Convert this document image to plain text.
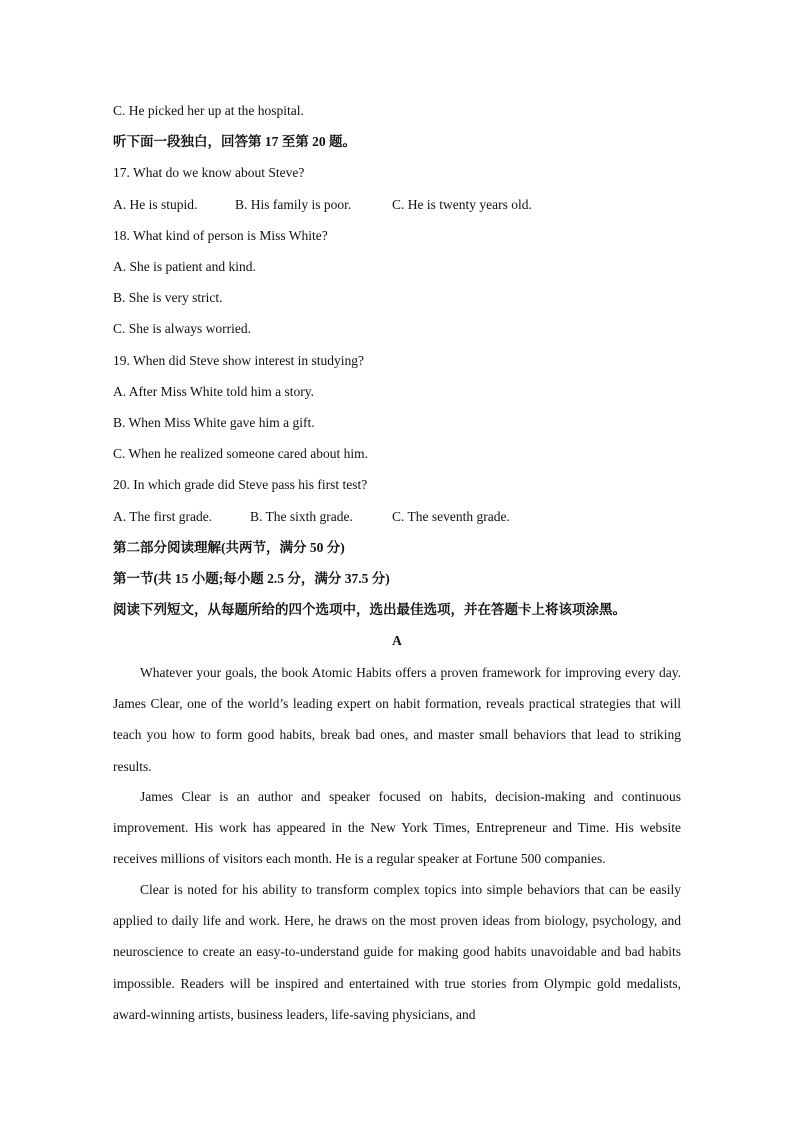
C. He picked her up at the hospital.
听下面一段独白，回答第 17 至第 20 题。
17. What do we know about Steve?
A. He is stupid.	B. His family is poor.	C. He is twenty years old.
18. What kind of person is Miss White?
A. She is patient and kind.
B. She is very strict.
C. She is always worried.
19. When did Steve show interest in studying?
A. After Miss White told him a story.
B. When Miss White gave him a gift.
C. When he realized someone cared about him.
20. In which grade did Steve pass his first test?
A. The first grade.	B. The sixth grade.	C. The seventh grade.
第二部分阅读理解(共两节，满分 50 分)
第一节(共 15 小题;每小题 2.5 分，满分 37.5 分)
阅读下列短文，从每题所给的四个选项中，选出最佳选项，并在答题卡上将该项涂黑。
A

Whatever your goals, the book Atomic Habits offers a proven framework for improving every day. James Clear, one of the world’s leading expert on habit formation, reveals practical strategies that will teach you how to form good habits, break bad ones, and master small behaviors that lead to striking results.

James Clear is an author and speaker focused on habits, decision-making and continuous improvement. His work has appeared in the New York Times, Entrepreneur and Time. His website receives millions of visitors each month. He is a regular speaker at Fortune 500 companies.

Clear is noted for his ability to transform complex topics into simple behaviors that can be easily applied to daily life and work. Here, he draws on the most proven ideas from biology, psychology, and neuroscience to create an easy-to-understand guide for making good habits unavoidable and bad habits impossible. Readers will be inspired and entertained with true stories from Olympic gold medalists, award-winning artists, business leaders, life-saving physicians, and
